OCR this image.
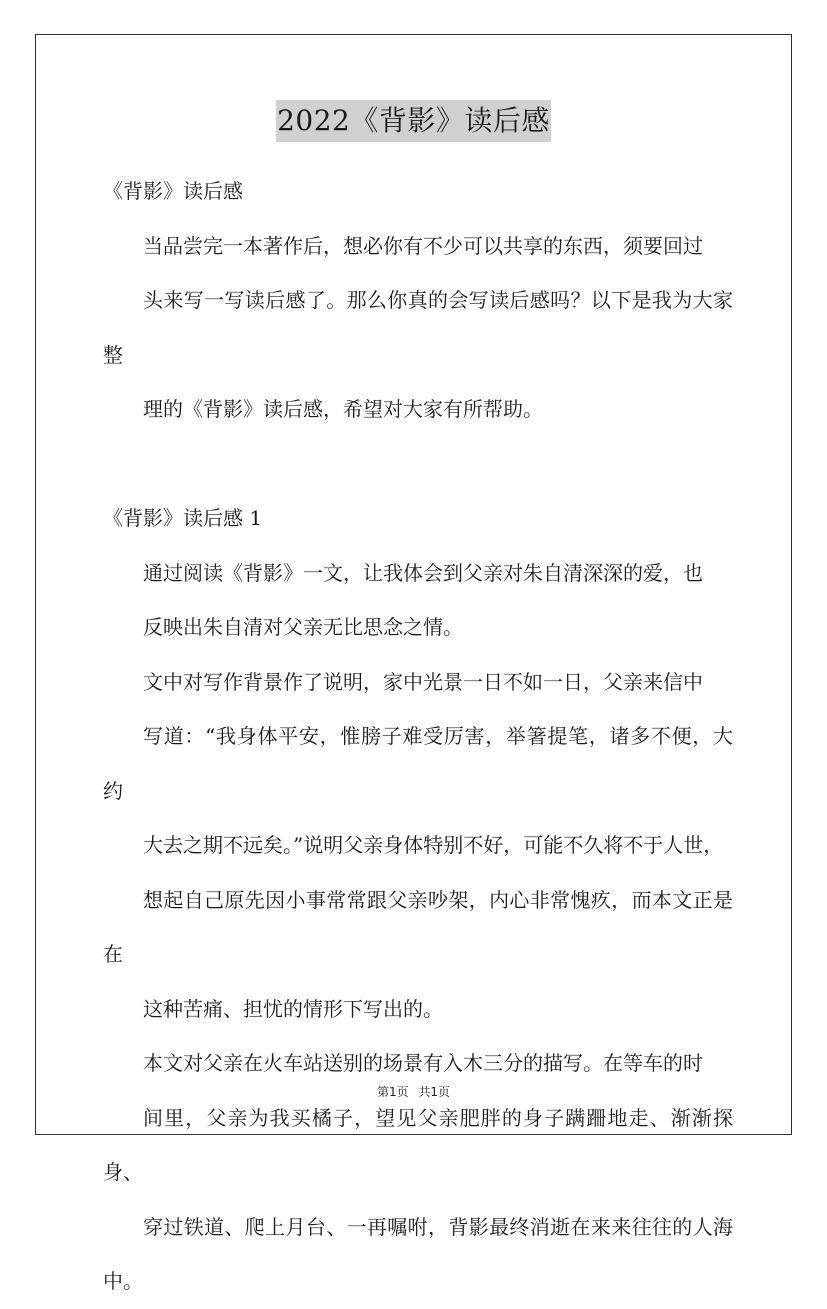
2022《背影》读后感

《背影》读后感

当品尝完一本著作后，想必你有不少可以共享的东西，须要回过
头来写一写读后感了。那么你真的会写读后感吗？以下是我为大家整
理的《背影》读后感，希望对大家有所帮助。

《背影》读后感 1

通过阅读《背影》一文，让我体会到父亲对朱自清深深的爱，也
反映出朱自清对父亲无比思念之情。

文中对写作背景作了说明，家中光景一日不如一日，父亲来信中
写道：“我身体平安，惟膀子难受厉害，举箸提笔，诸多不便，大约
大去之期不远矣。”说明父亲身体特别不好，可能不久将不于人世，
想起自己原先因小事常常跟父亲吵架，内心非常愧疚，而本文正是在
这种苦痛、担忧的情形下写出的。

本文对父亲在火车站送别的场景有入木三分的描写。在等车的时
间里，父亲为我买橘子，望见父亲肥胖的身子蹒跚地走、渐渐探身、
穿过铁道、爬上月台、一再嘱咐，背影最终消逝在来来往往的人海中。

第1页 共1页
